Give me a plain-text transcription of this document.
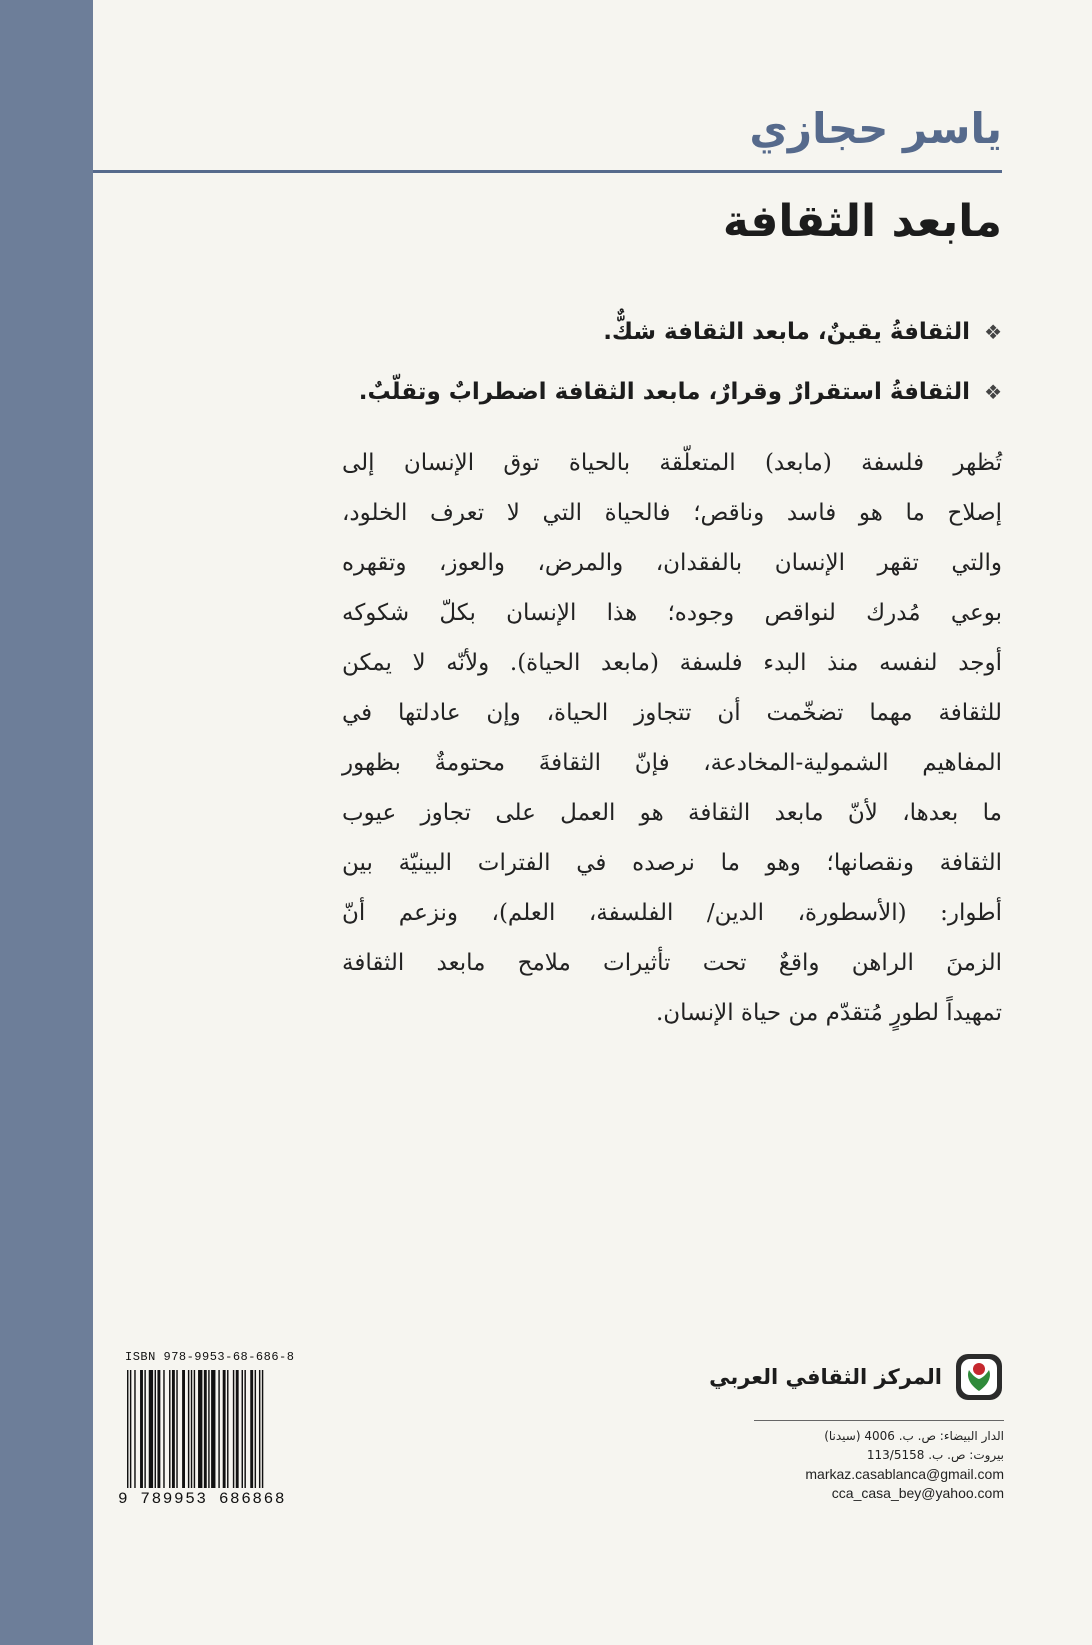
ياسر حجازي
مابعد الثقافة
❖الثقافةُ يقينٌ، مابعد الثقافة شكٌّ.
❖الثقافةُ استقرارٌ وقرارٌ، مابعد الثقافة اضطرابٌ وتقلّبٌ.

تُظهر فلسفة (مابعد) المتعلّقة بالحياة توق الإنسان إلى

إصلاح ما هو فاسد وناقص؛ فالحياة التي لا تعرف الخلود،

والتي تقهر الإنسان بالفقدان، والمرض، والعوز، وتقهره

بوعي مُدرك لنواقص وجوده؛ هذا الإنسان بكلّ شكوكه

أوجد لنفسه منذ البدء فلسفة (مابعد الحياة). ولأنّه لا يمكن

للثقافة مهما تضخّمت أن تتجاوز الحياة، وإن عادلتها في

المفاهيم الشمولية-المخادعة، فإنّ الثقافةَ محتومةٌ بظهور

ما بعدها، لأنّ مابعد الثقافة هو العمل على تجاوز عيوب

الثقافة ونقصانها؛ وهو ما نرصده في الفترات البينيّة بين

أطوار: (الأسطورة، الدين/ الفلسفة، العلم)، ونزعم أنّ

الزمنَ الراهن واقعٌ تحت تأثيرات ملامح مابعد الثقافة

تمهيداً لطورٍ مُتقدّم من حياة الإنسان.

ISBN 978-9953-68-686-8
9 789953 686868
المركز الثقافي العربي
الدار البيضاء: ص. ب. 4006 (سيدنا)
بيروت: ص. ب. 113/5158
markaz.casablanca@gmail.com
cca_casa_bey@yahoo.com
